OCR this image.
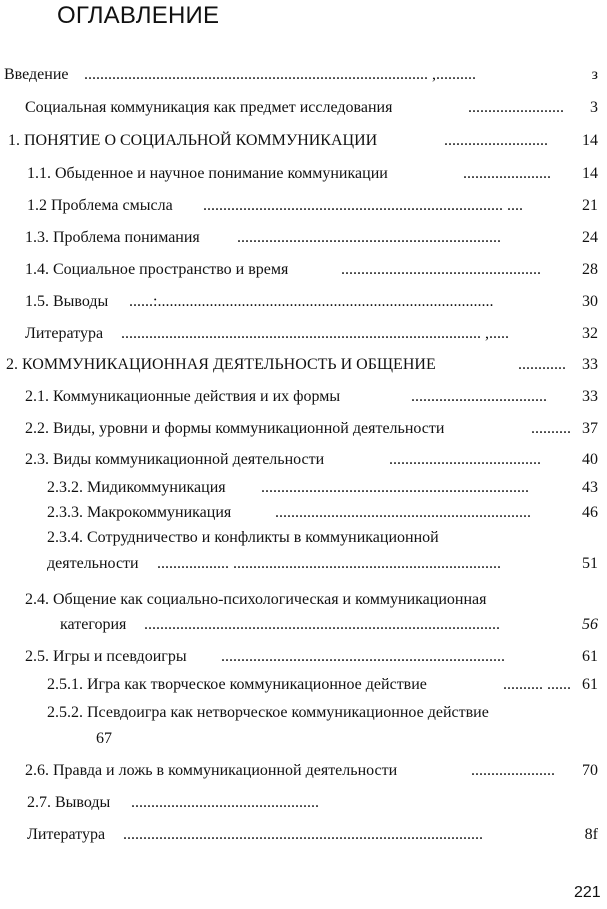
ОГЛАВЛЕНИЕ
Введение ...................................................................................... ,..........	з
Социальная коммуникация как предмет исследования	........................	3
1. ПОНЯТИЕ О СОЦИАЛЬНОЙ КОММУНИКАЦИИ	..........................	14
1.1. Обыденное и научное понимание коммуникации	......................	14
1.2 Проблема смысла ........................................................................... ....	21
1.3. Проблема понимания ..................................................................	24
1.4. Социальное пространство и время	..................................................	28
1.5. Выводы ......:....................................................................................	30
Литература .......................................................................................... ,.....	32
2. КОММУНИКАЦИОННАЯ ДЕЯТЕЛЬНОСТЬ И ОБЩЕНИЕ	............	33
2.1. Коммуникационные действия и их формы	..................................	33
2.2. Виды, уровни и формы коммуникационной деятельности	.......... 37
2.3. Виды коммуникационной деятельности	......................................	40
2.3.2. Мидикоммуникация ...................................................................	43
2.3.3. Макрокоммуникация	................................................................	46
2.3.4. Сотрудничество и конфликты в коммуникационной
деятельности .................. ...................................................................	51
2.4. Общение как социально-психологическая и коммуникационная
категория .........................................................................................	56
2.5. Игры и псевдоигры .......................................................................	61
2.5.1. Игра как творческое коммуникационное действие	.......... ...... 61
2.5.2. Псевдоигра как нетворческое коммуникационное действие
67
2.6. Правда и ложь в коммуникационной деятельности	.....................	70
2.7. Выводы ...............................................
Литература ..........................................................................................	8f
221
